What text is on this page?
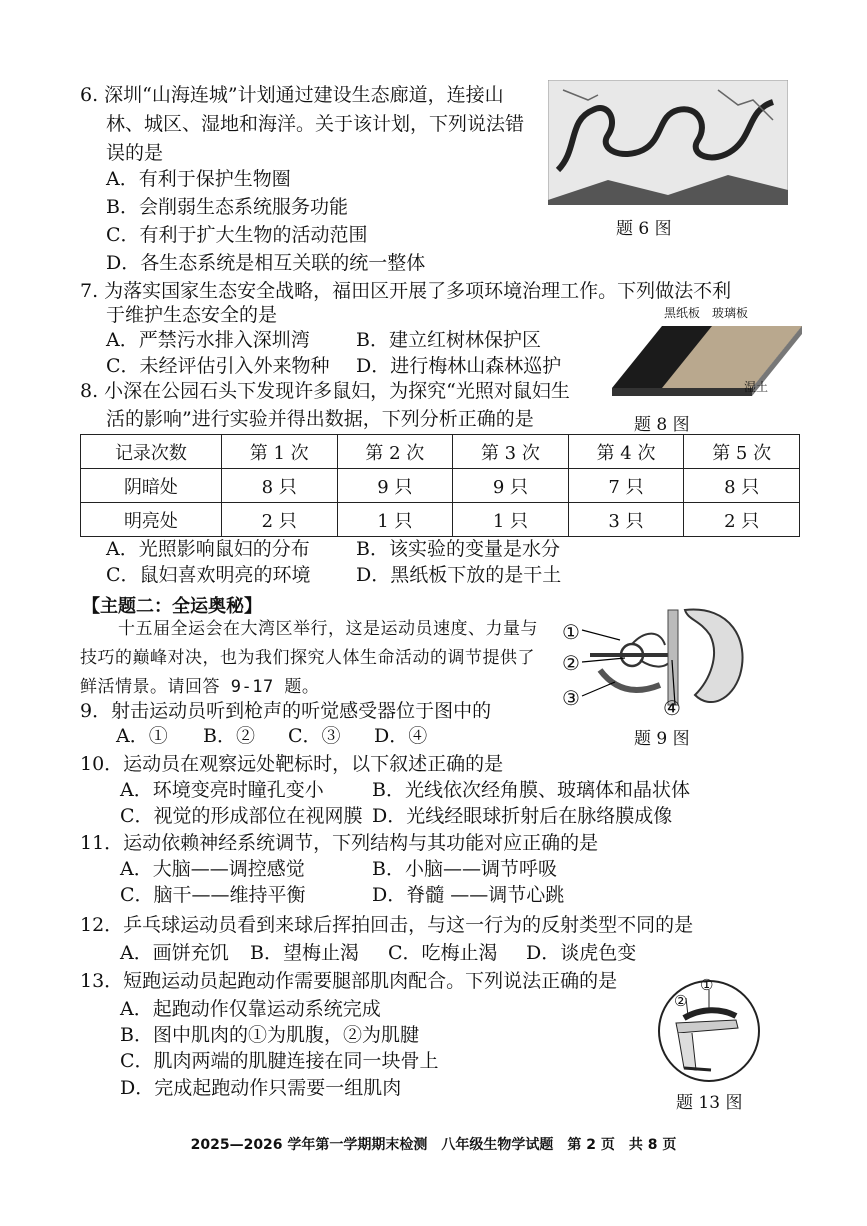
6. 深圳“山海连城”计划通过建设生态廊道，连接山
林、城区、湿地和海洋。关于该计划，下列说法错
误的是
A．有利于保护生物圈
B．会削弱生态系统服务功能
C．有利于扩大生物的活动范围
D．各生态系统是相互关联的统一整体
题 6 图
7. 为落实国家生态安全战略，福田区开展了多项环境治理工作。下列做法不利
于维护生态安全的是
A．严禁污水排入深圳湾 B．建立红树林保护区
C．未经评估引入外来物种 D．进行梅林山森林巡护
黑纸板 玻璃板
湿土
题 8 图
8. 小深在公园石头下发现许多鼠妇，为探究“光照对鼠妇生
活的影响”进行实验并得出数据，下列分析正确的是
记录次数	第 1 次	第 2 次	第 3 次	第 4 次	第 5 次
阴暗处	8 只	9 只	9 只	7 只	8 只
明亮处	2 只	1 只	1 只	3 只	2 只
A．光照影响鼠妇的分布 B．该实验的变量是水分
C．鼠妇喜欢明亮的环境 D．黑纸板下放的是干土
【主题二：全运奥秘】
十五届全运会在大湾区举行，这是运动员速度、力量与技巧的巅峰对决，也为我们探究人体生命活动的调节提供了鲜活情景。请回答 9-17 题。
①
②
③	④
题 9 图
9．射击运动员听到枪声的听觉感受器位于图中的
A．① B．② C．③ D．④
10．运动员在观察远处靶标时，以下叙述正确的是
A．环境变亮时瞳孔变小	B．光线依次经角膜、玻璃体和晶状体
C．视觉的形成部位在视网膜 D．光线经眼球折射后在脉络膜成像
11．运动依赖神经系统调节，下列结构与其功能对应正确的是
A．大脑——调控感觉	B．小脑——调节呼吸
C．脑干——维持平衡	D．脊髓 ——调节心跳
12．乒乓球运动员看到来球后挥拍回击，与这一行为的反射类型不同的是
A．画饼充饥 B．望梅止渴 C．吃梅止渴 D．谈虎色变
13．短跑运动员起跑动作需要腿部肌肉配合。下列说法正确的是
A．起跑动作仅靠运动系统完成
B．图中肌肉的①为肌腹，②为肌腱
C．肌肉两端的肌腱连接在同一块骨上
D．完成起跑动作只需要一组肌肉
①
②
题 13 图
2025—2026 学年第一学期期末检测　八年级生物学试题　第 2 页　共 8 页
